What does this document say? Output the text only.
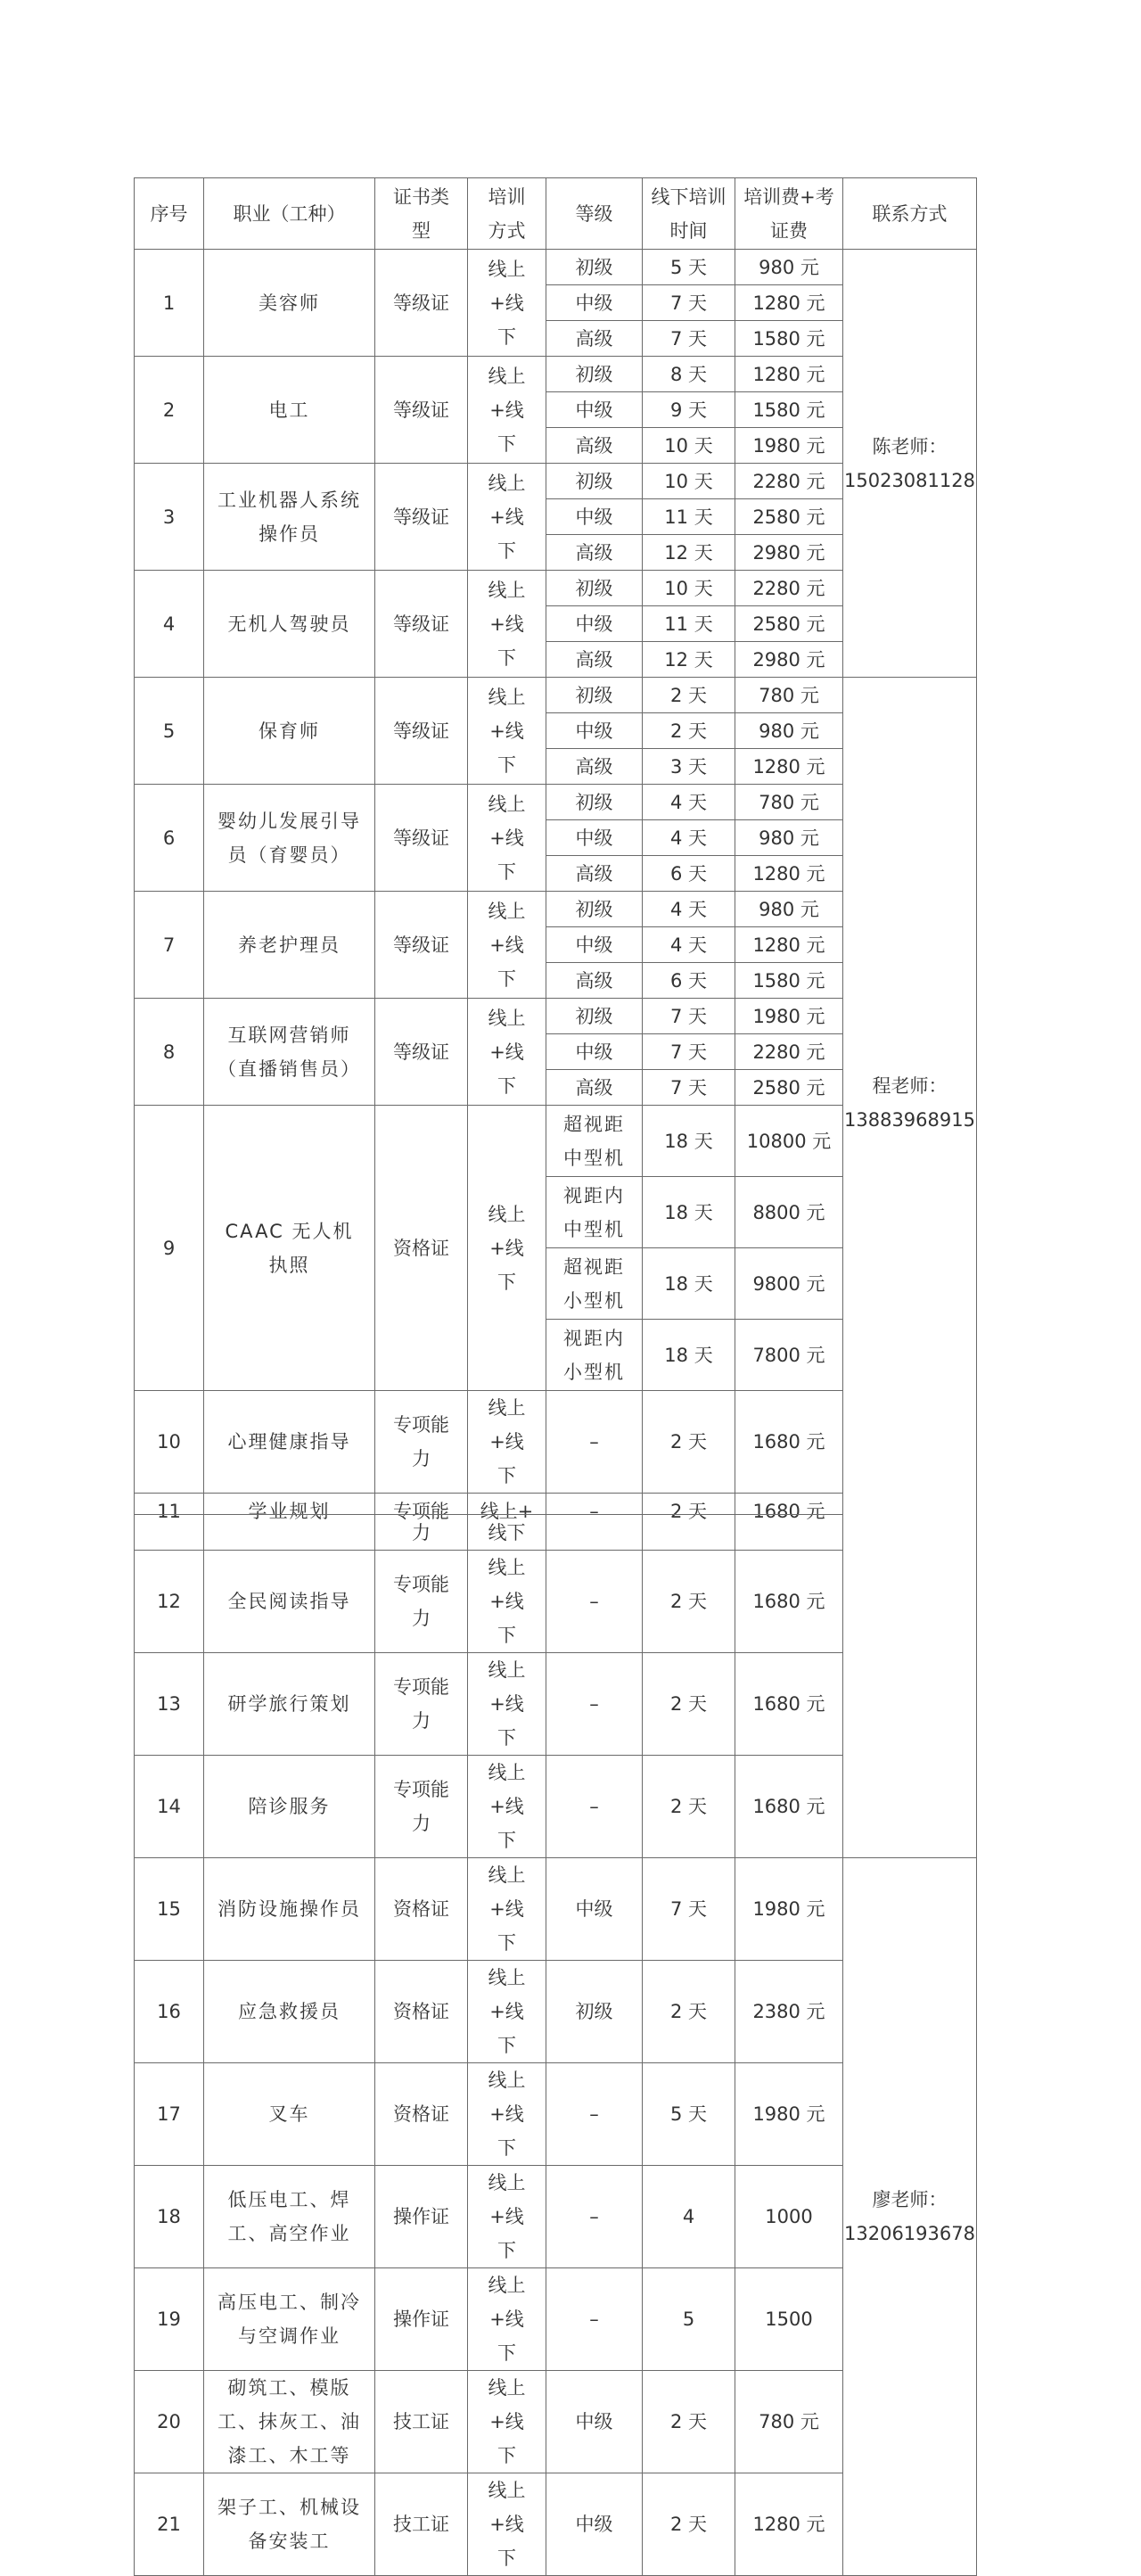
序号	职业（工种）	证书类型	培训方式	等级	线下培训时间	培训费+考证费	联系方式
1	美容师	等级证	线上+线下	初级	5 天	980 元	陈老师：
15023081128

				中级	7 天	1280 元	
				高级	7 天	1580 元	
2	电工	等级证	线上+线下	初级	8 天	1280 元	
				中级	9 天	1580 元	
				高级	10 天	1980 元	
3	工业机器人系统操作员	等级证	线上+线下	初级	10 天	2280 元	
				中级	11 天	2580 元	
				高级	12 天	2980 元	
4	无机人驾驶员	等级证	线上+线下	初级	10 天	2280 元	
				中级	11 天	2580 元	
				高级	12 天	2980 元	
5	保育师	等级证	线上+线下	初级	2 天	780 元	程老师：
13883968915

				中级	2 天	980 元	
				高级	3 天	1280 元	
6	婴幼儿发展引导员（育婴员）	等级证	线上+线下	初级	4 天	780 元	
				中级	4 天	980 元	
				高级	6 天	1280 元	
7	养老护理员	等级证	线上+线下	初级	4 天	980 元	
				中级	4 天	1280 元	
				高级	6 天	1580 元	
8	互联网营销师（直播销售员）	等级证	线上+线下	初级	7 天	1980 元	
				中级	7 天	2280 元	
				高级	7 天	2580 元	
9	CAAC 无人机执照	资格证	线上+线下	超视距中型机	18 天	10800 元	
				视距内中型机	18 天	8800 元	
				超视距小型机	18 天	9800 元	
				视距内小型机	18 天	7800 元	
10	心理健康指导	专项能力	线上+线下	–	2 天	1680 元	
11	学业规划	专项能	线上+	–	2 天	1680 元	
		力	线下				
12	全民阅读指导	专项能力	线上+线下	–	2 天	1680 元	
13	研学旅行策划	专项能力	线上+线下	–	2 天	1680 元	
14	陪诊服务	专项能力	线上+线下	–	2 天	1680 元	
15	消防设施操作员	资格证	线上+线下	中级	7 天	1980 元	廖老师：
13206193678

16	应急救援员	资格证	线上+线下	初级	2 天	2380 元	
17	叉车	资格证	线上+线下	–	5 天	1980 元	
18	低压电工、焊工、高空作业	操作证	线上+线下	–	4	1000	
19	高压电工、制冷与空调作业	操作证	线上+线下	–	5	1500	
20	砌筑工、模版工、抹灰工、油漆工、木工等	技工证	线上+线下	中级	2 天	780 元	
21	架子工、机械设备安装工	技工证	线上+线下	中级	2 天	1280 元	
